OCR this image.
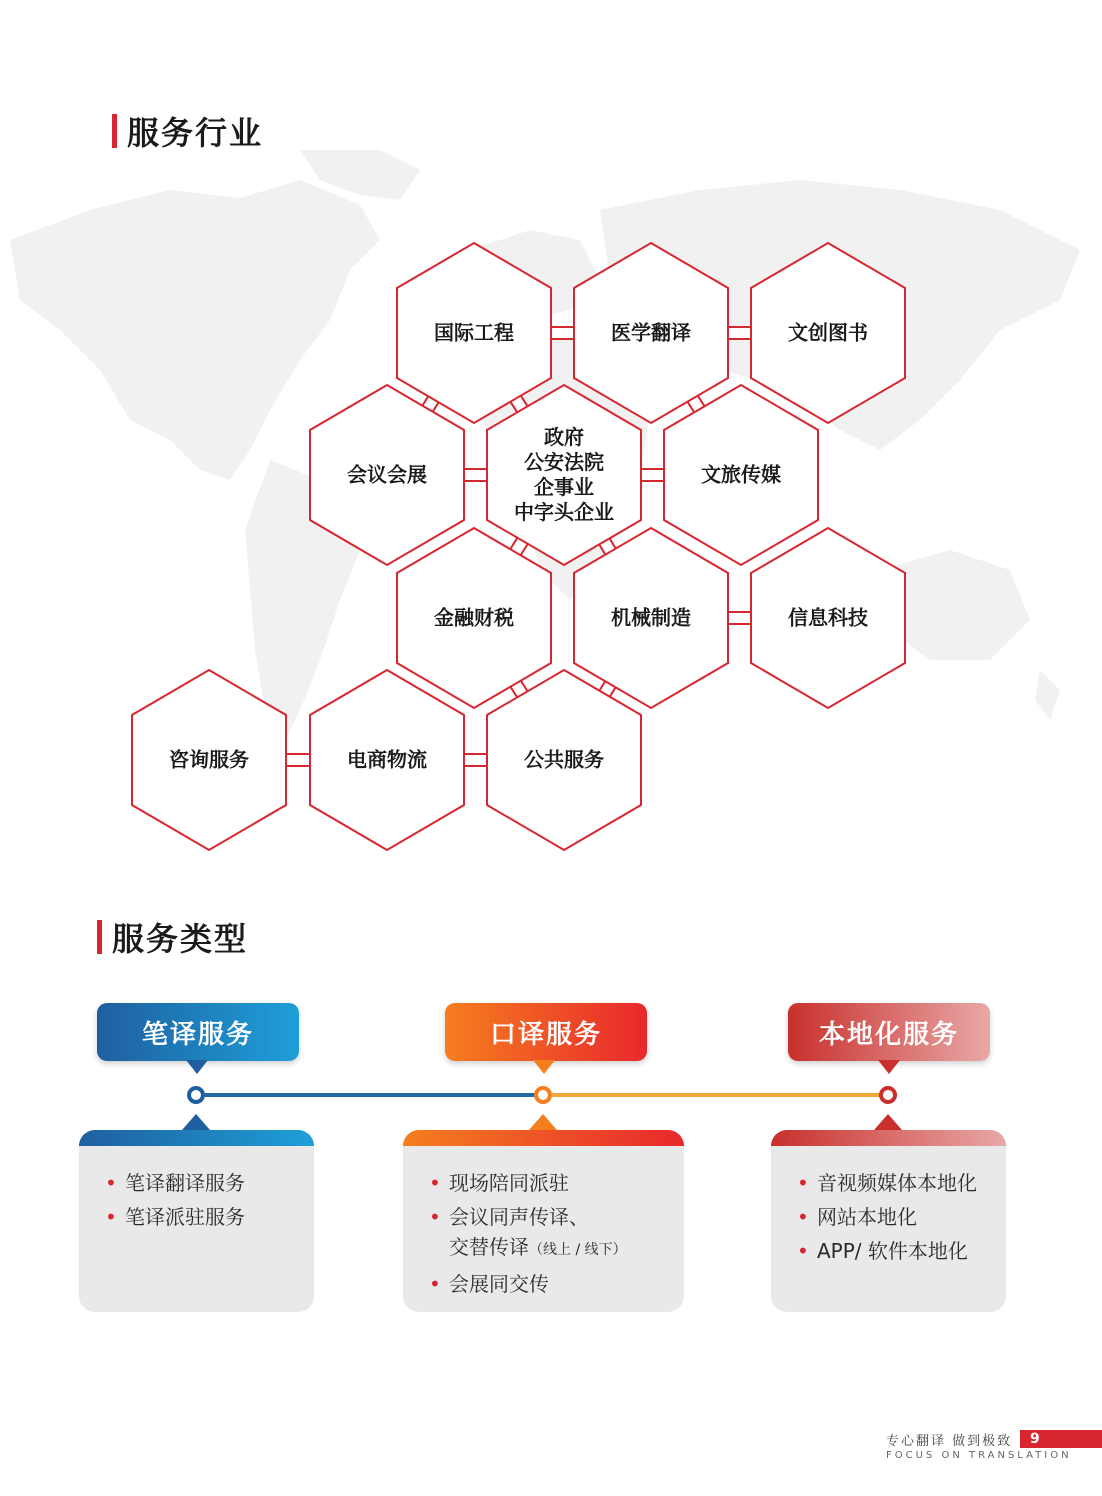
服务行业
国际工程	医学翻译	文创图书
会议会展
政府
公安法院
企事业
中字头企业
文旅传媒
金融财税	机械制造	信息科技
咨询服务	电商物流	公共服务
服务类型
笔译服务	口译服务	本地化服务
• 笔译翻译服务
• 笔译派驻服务
• 现场陪同派驻
• 会议同声传译、
交替传译（线上 / 线下）
• 会展同交传
• 音视频媒体本地化
• 网站本地化
• APP/ 软件本地化
专心翻译 做到极致	9
FOCUS ON TRANSLATION
